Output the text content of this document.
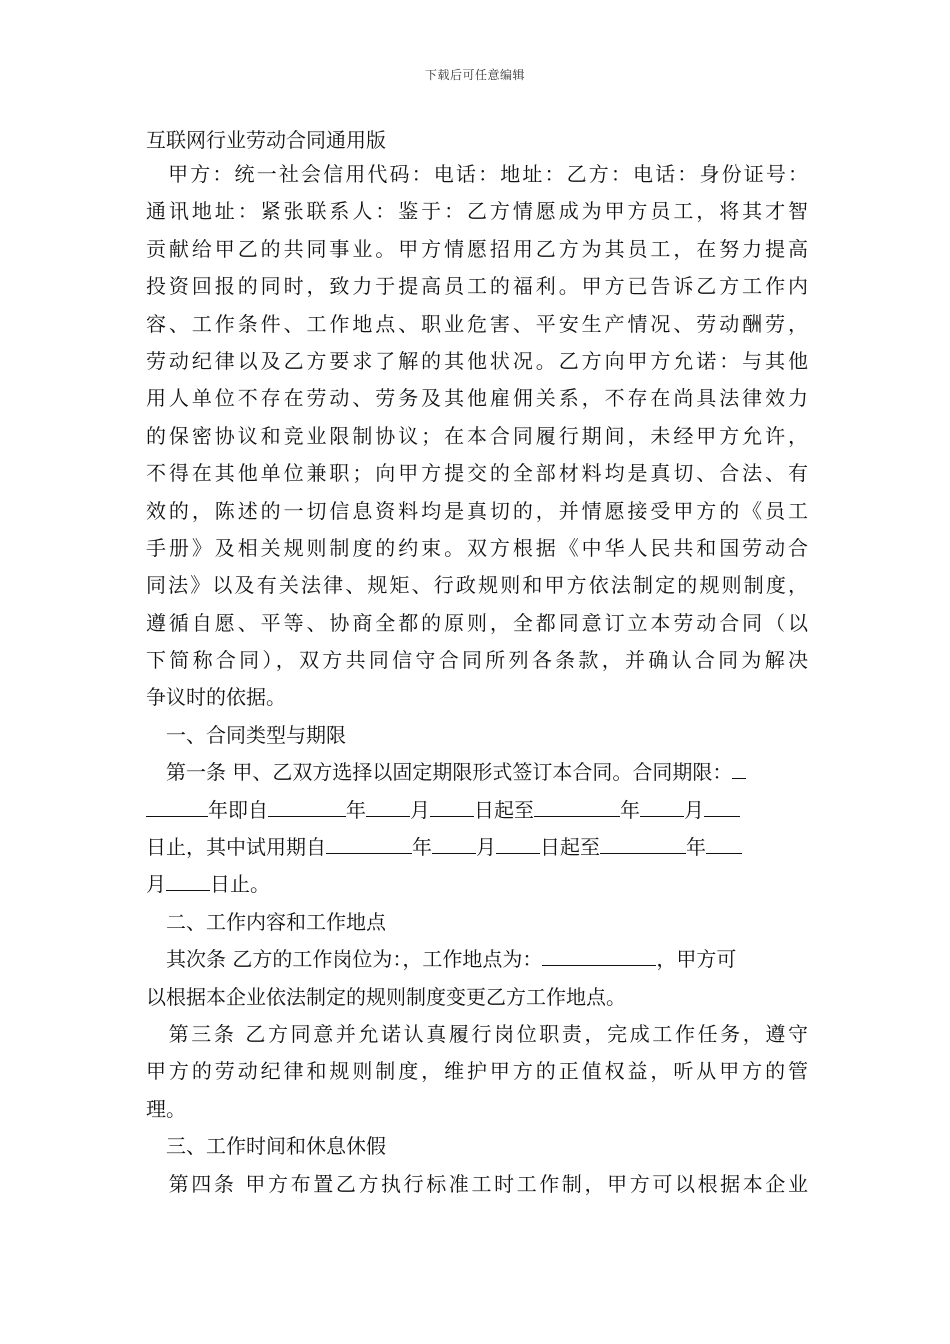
下载后可任意编辑
互联网行业劳动合同通用版
　甲方：统一社会信用代码：电话：地址：乙方：电话：身份证号：
通讯地址：紧张联系人：鉴于：乙方情愿成为甲方员工，将其才智
贡献给甲乙的共同事业。甲方情愿招用乙方为其员工，在努力提高
投资回报的同时，致力于提高员工的福利。甲方已告诉乙方工作内
容、工作条件、工作地点、职业危害、平安生产情况、劳动酬劳，
劳动纪律以及乙方要求了解的其他状况。乙方向甲方允诺：与其他
用人单位不存在劳动、劳务及其他雇佣关系，不存在尚具法律效力
的保密协议和竞业限制协议；在本合同履行期间，未经甲方允许，
不得在其他单位兼职；向甲方提交的全部材料均是真切、合法、有
效的，陈述的一切信息资料均是真切的，并情愿接受甲方的《员工
手册》及相关规则制度的约束。双方根据《中华人民共和国劳动合
同法》以及有关法律、规矩、行政规则和甲方依法制定的规则制度，
遵循自愿、平等、协商全都的原则，全都同意订立本劳动合同（以
下简称合同），双方共同信守合同所列各条款，并确认合同为解决
争议时的依据。
　一、合同类型与期限
　第一条 甲、乙双方选择以固定期限形式签订本合同。合同期限：
年即自	年 月 日起至	年 月
日止，其中试用期自	年 月 日起至	年
月 日止。
　二、工作内容和工作地点
　其次条 乙方的工作岗位为：，工作地点为：	，甲方可
以根据本企业依法制定的规则制度变更乙方工作地点。
　第三条 乙方同意并允诺认真履行岗位职责，完成工作任务，遵守
甲方的劳动纪律和规则制度，维护甲方的正值权益，听从甲方的管
理。
　三、工作时间和休息休假
　第四条 甲方布置乙方执行标准工时工作制，甲方可以根据本企业
